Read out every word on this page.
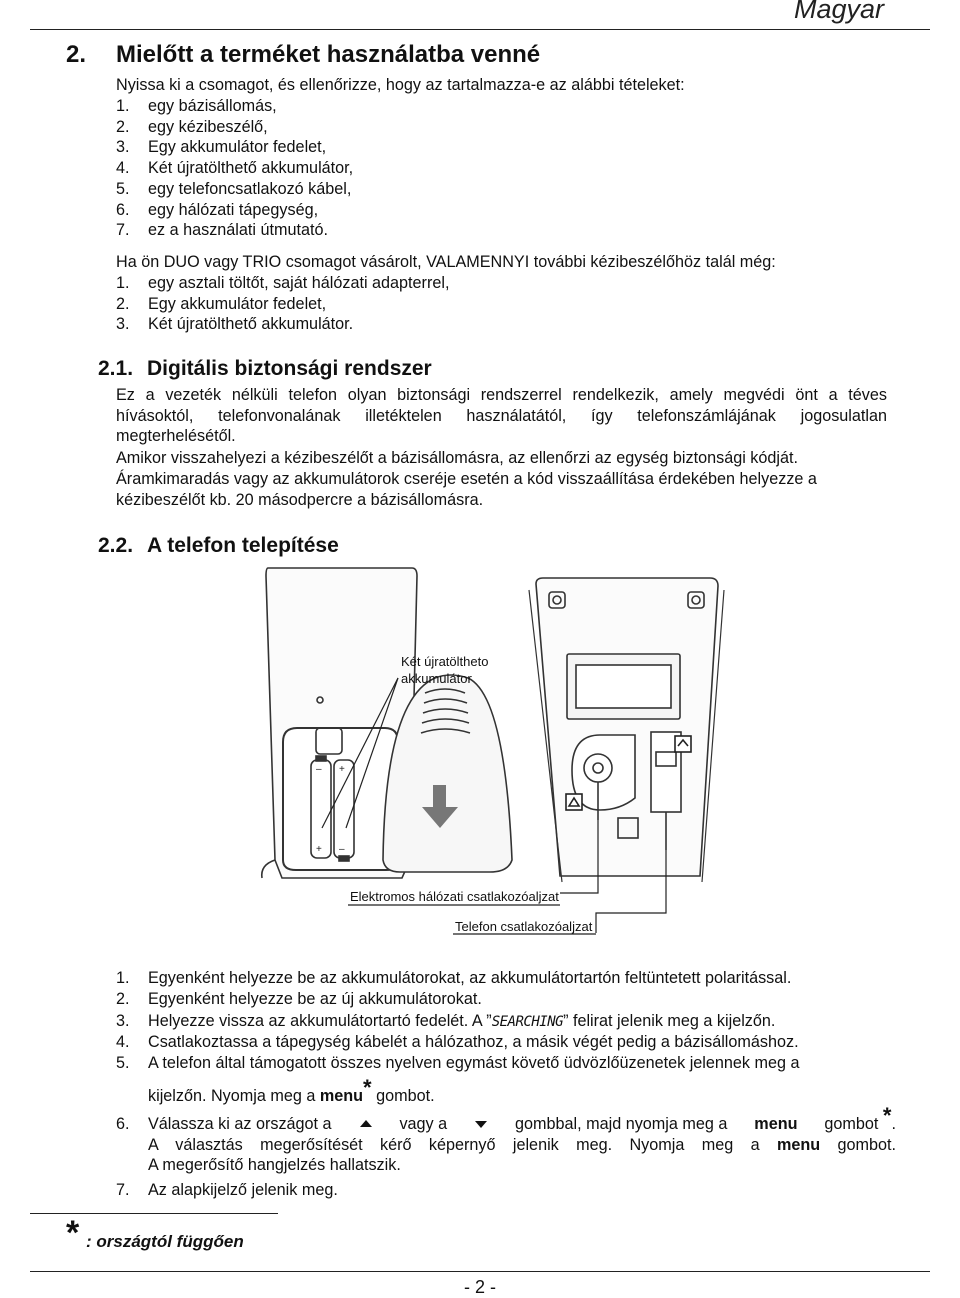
Magyar
2. Mielőtt a terméket használatba venné
Nyissa ki a csomagot, és ellenőrizze, hogy az tartalmazza-e az alábbi tételeket:
1.	egy bázisállomás,
2.	egy kézibeszélő,
3.	Egy akkumulátor fedelet,
4.	Két újratölthető akkumulátor,
5.	egy telefoncsatlakozó kábel,
6.	egy hálózati tápegység,
7.	ez a használati útmutató.
Ha ön DUO vagy TRIO csomagot vásárolt, VALAMENNYI további kézibeszélőhöz talál még:
1.	egy asztali töltőt, saját hálózati adapterrel,
2.	Egy akkumulátor fedelet,
3.	Két újratölthető akkumulátor.
2.1. Digitális biztonsági rendszer
Ez a vezeték nélküli telefon olyan biztonsági rendszerrel rendelkezik, amely megvédi önt a téves hívásoktól, telefonvonalának illetéktelen használatától, így telefonszámlájának jogosulatlan megterhelésétől.
Amikor visszahelyezi a kézibeszélőt a bázisállomásra, az ellenőrzi az egység biztonsági kódját.
Áramkimaradás vagy az akkumulátorok cseréje esetén a kód visszaállítása érdekében helyezze a kézibeszélőt kb. 20 másodpercre a bázisállomásra.
2.2. A telefon telepítése
– +
+ –
Két újratöltheto
akkumulátor
Elektromos hálózati csatlakozóaljzat
Telefon csatlakozóaljzat
1. Egyenként helyezze be az akkumulátorokat, az akkumulátortartón feltüntetett polaritással.
2. Egyenként helyezze be az új akkumulátorokat.
3. Helyezze vissza az akkumulátortartó fedelét. A ”SEARCHING” felirat jelenik meg a kijelzőn.
4. Csatlakoztassa a tápegység kábelét a hálózathoz, a másik végét pedig a bázisállomáshoz.
5. A telefon által támogatott összes nyelven egymást követő üdvözlőüzenetek jelennek meg a
kijelzőn. Nyomja meg a menu* gombot.
6.	Válassza ki az országot a	vagy a	gombbal, majd nyomja meg a menu gombot *.
A választás megerősítését kérő képernyő jelenik meg. Nyomja meg a menu gombot.
A megerősítő hangjelzés hallatszik.
7. Az alapkijelző jelenik meg.
* : országtól függően
- 2 -
